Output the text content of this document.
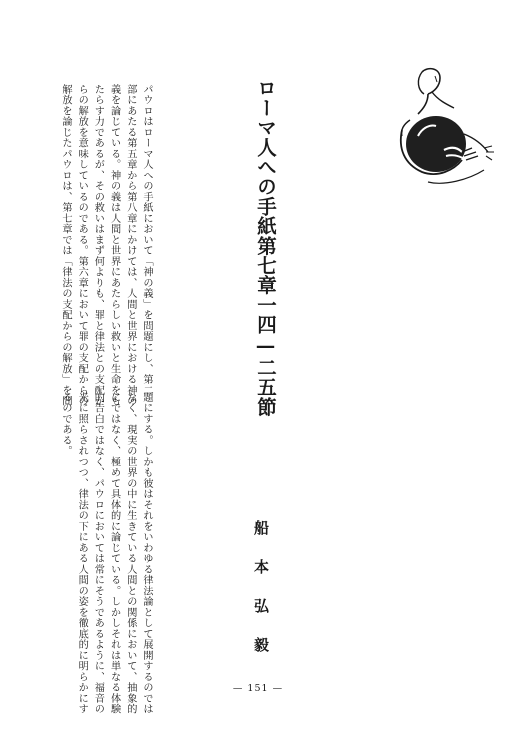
ローマ人への手紙第七章一四—二五節
船本弘毅

パウロはローマ人への手紙において「神の義」を問題にし、第二

部にあたる第五章から第八章にかけては、人間と世界における神の

義を論じている。神の義は人間と世界にあたらしい救いと生命をも

たらす力であるが、その救いはまず何よりも、罪と律法との支配か

らの解放を意味しているのである。第六章において罪の支配からの

解放を論じたパウロは、第七章では「律法の支配からの解放」を問

題にする。しかも彼はそれをいわゆる律法論として展開するのでは

なく、現実の世界の中に生きている人間との関係において、抽象的

にではなく、極めて具体的に論じている。しかしそれは単なる体験

的告白ではなく、パウロにおいては常にそうであるように、福音の

光に照らされつつ、律法の下にある人間の姿を徹底的に明らかにす

るのである。

— 151 —
